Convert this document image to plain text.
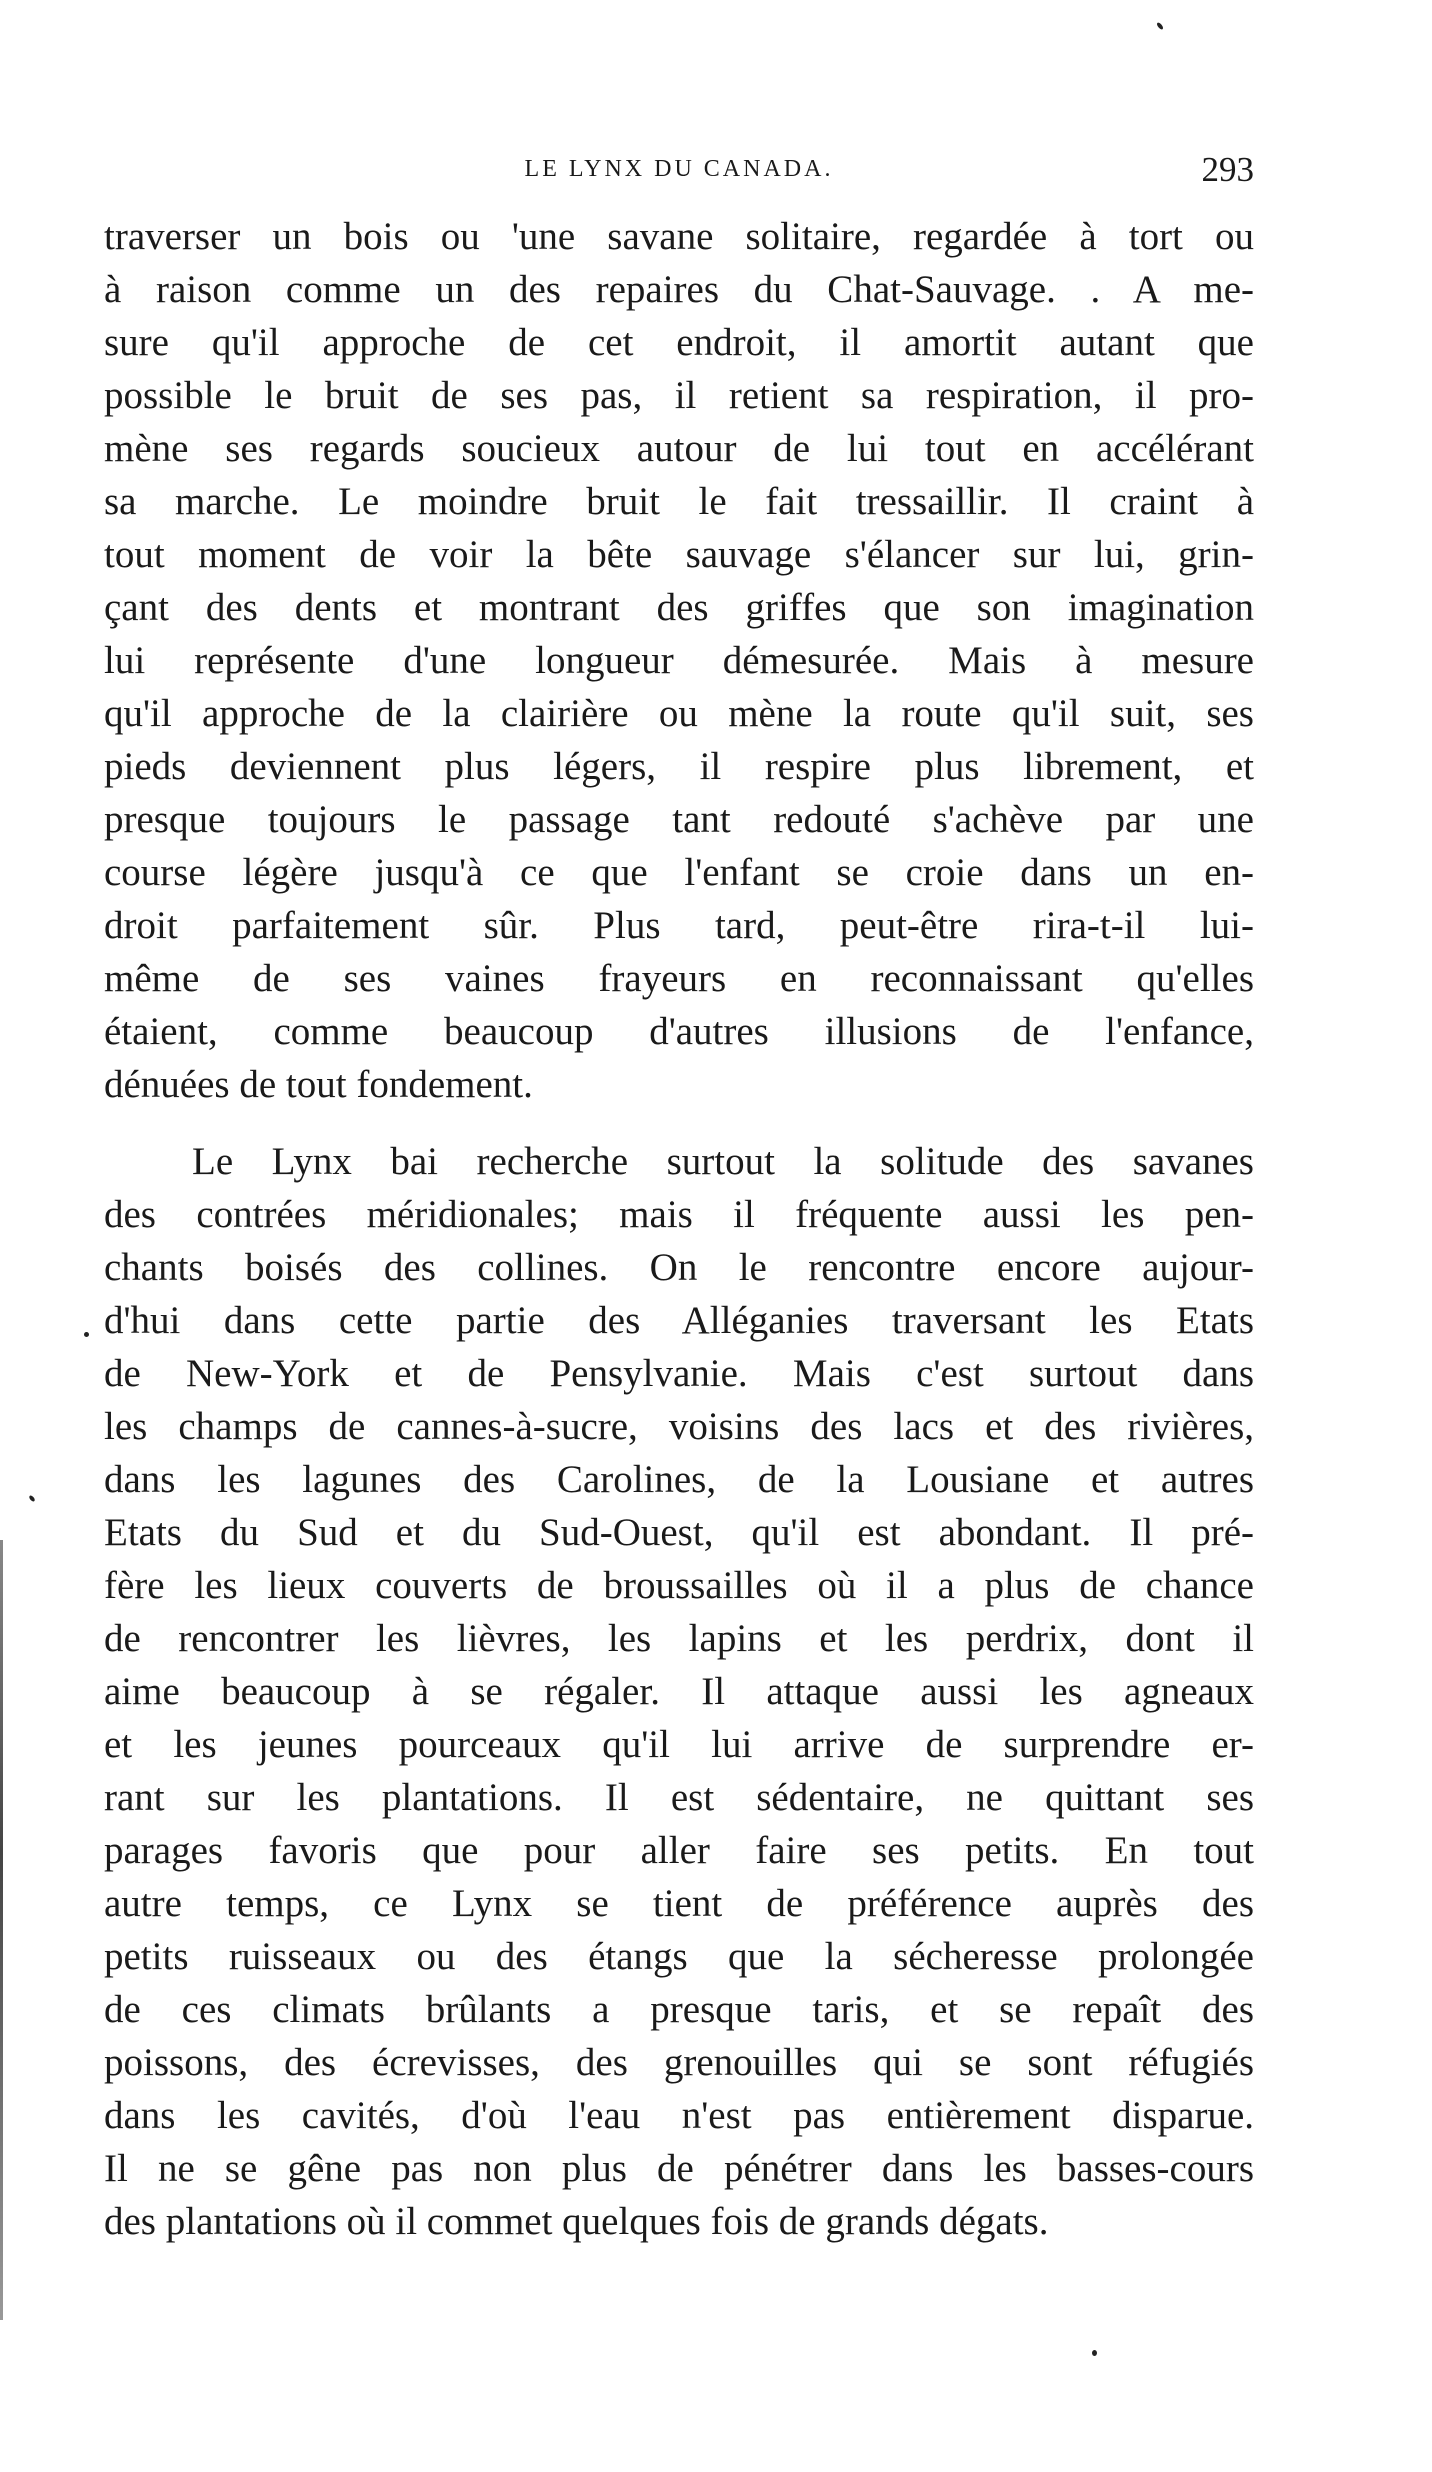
LE LYNX DU CANADA.	293
traverser un bois ou 'une savane solitaire, regardée à tort ou
à raison comme un des repaires du Chat-Sauvage. . A me-
sure qu'il approche de cet endroit, il amortit autant que
possible le bruit de ses pas, il retient sa respiration, il pro-
mène ses regards soucieux autour de lui tout en accélérant
sa marche. Le moindre bruit le fait tressaillir. Il craint à
tout moment de voir la bête sauvage s'élancer sur lui, grin-
çant des dents et montrant des griffes que son imagination
lui représente d'une longueur démesurée. Mais à mesure
qu'il approche de la clairière ou mène la route qu'il suit, ses
pieds deviennent plus légers, il respire plus librement, et
presque toujours le passage tant redouté s'achève par une
course légère jusqu'à ce que l'enfant se croie dans un en-
droit parfaitement sûr. Plus tard, peut-être rira-t-il lui-
même de ses vaines frayeurs en reconnaissant qu'elles
étaient, comme beaucoup d'autres illusions de l'enfance,
dénuées de tout fondement.
Le Lynx bai recherche surtout la solitude des savanes
des contrées méridionales; mais il fréquente aussi les pen-
chants boisés des collines. On le rencontre encore aujour-
d'hui dans cette partie des Alléganies traversant les Etats
de New-York et de Pensylvanie. Mais c'est surtout dans
les champs de cannes-à-sucre, voisins des lacs et des rivières,
dans les lagunes des Carolines, de la Lousiane et autres
Etats du Sud et du Sud-Ouest, qu'il est abondant. Il pré-
fère les lieux couverts de broussailles où il a plus de chance
de rencontrer les lièvres, les lapins et les perdrix, dont il
aime beaucoup à se régaler. Il attaque aussi les agneaux
et les jeunes pourceaux qu'il lui arrive de surprendre er-
rant sur les plantations. Il est sédentaire, ne quittant ses
parages favoris que pour aller faire ses petits. En tout
autre temps, ce Lynx se tient de préférence auprès des
petits ruisseaux ou des étangs que la sécheresse prolongée
de ces climats brûlants a presque taris, et se repaît des
poissons, des écrevisses, des grenouilles qui se sont réfugiés
dans les cavités, d'où l'eau n'est pas entièrement disparue.
Il ne se gêne pas non plus de pénétrer dans les basses-cours
des plantations où il commet quelques fois de grands dégats.
